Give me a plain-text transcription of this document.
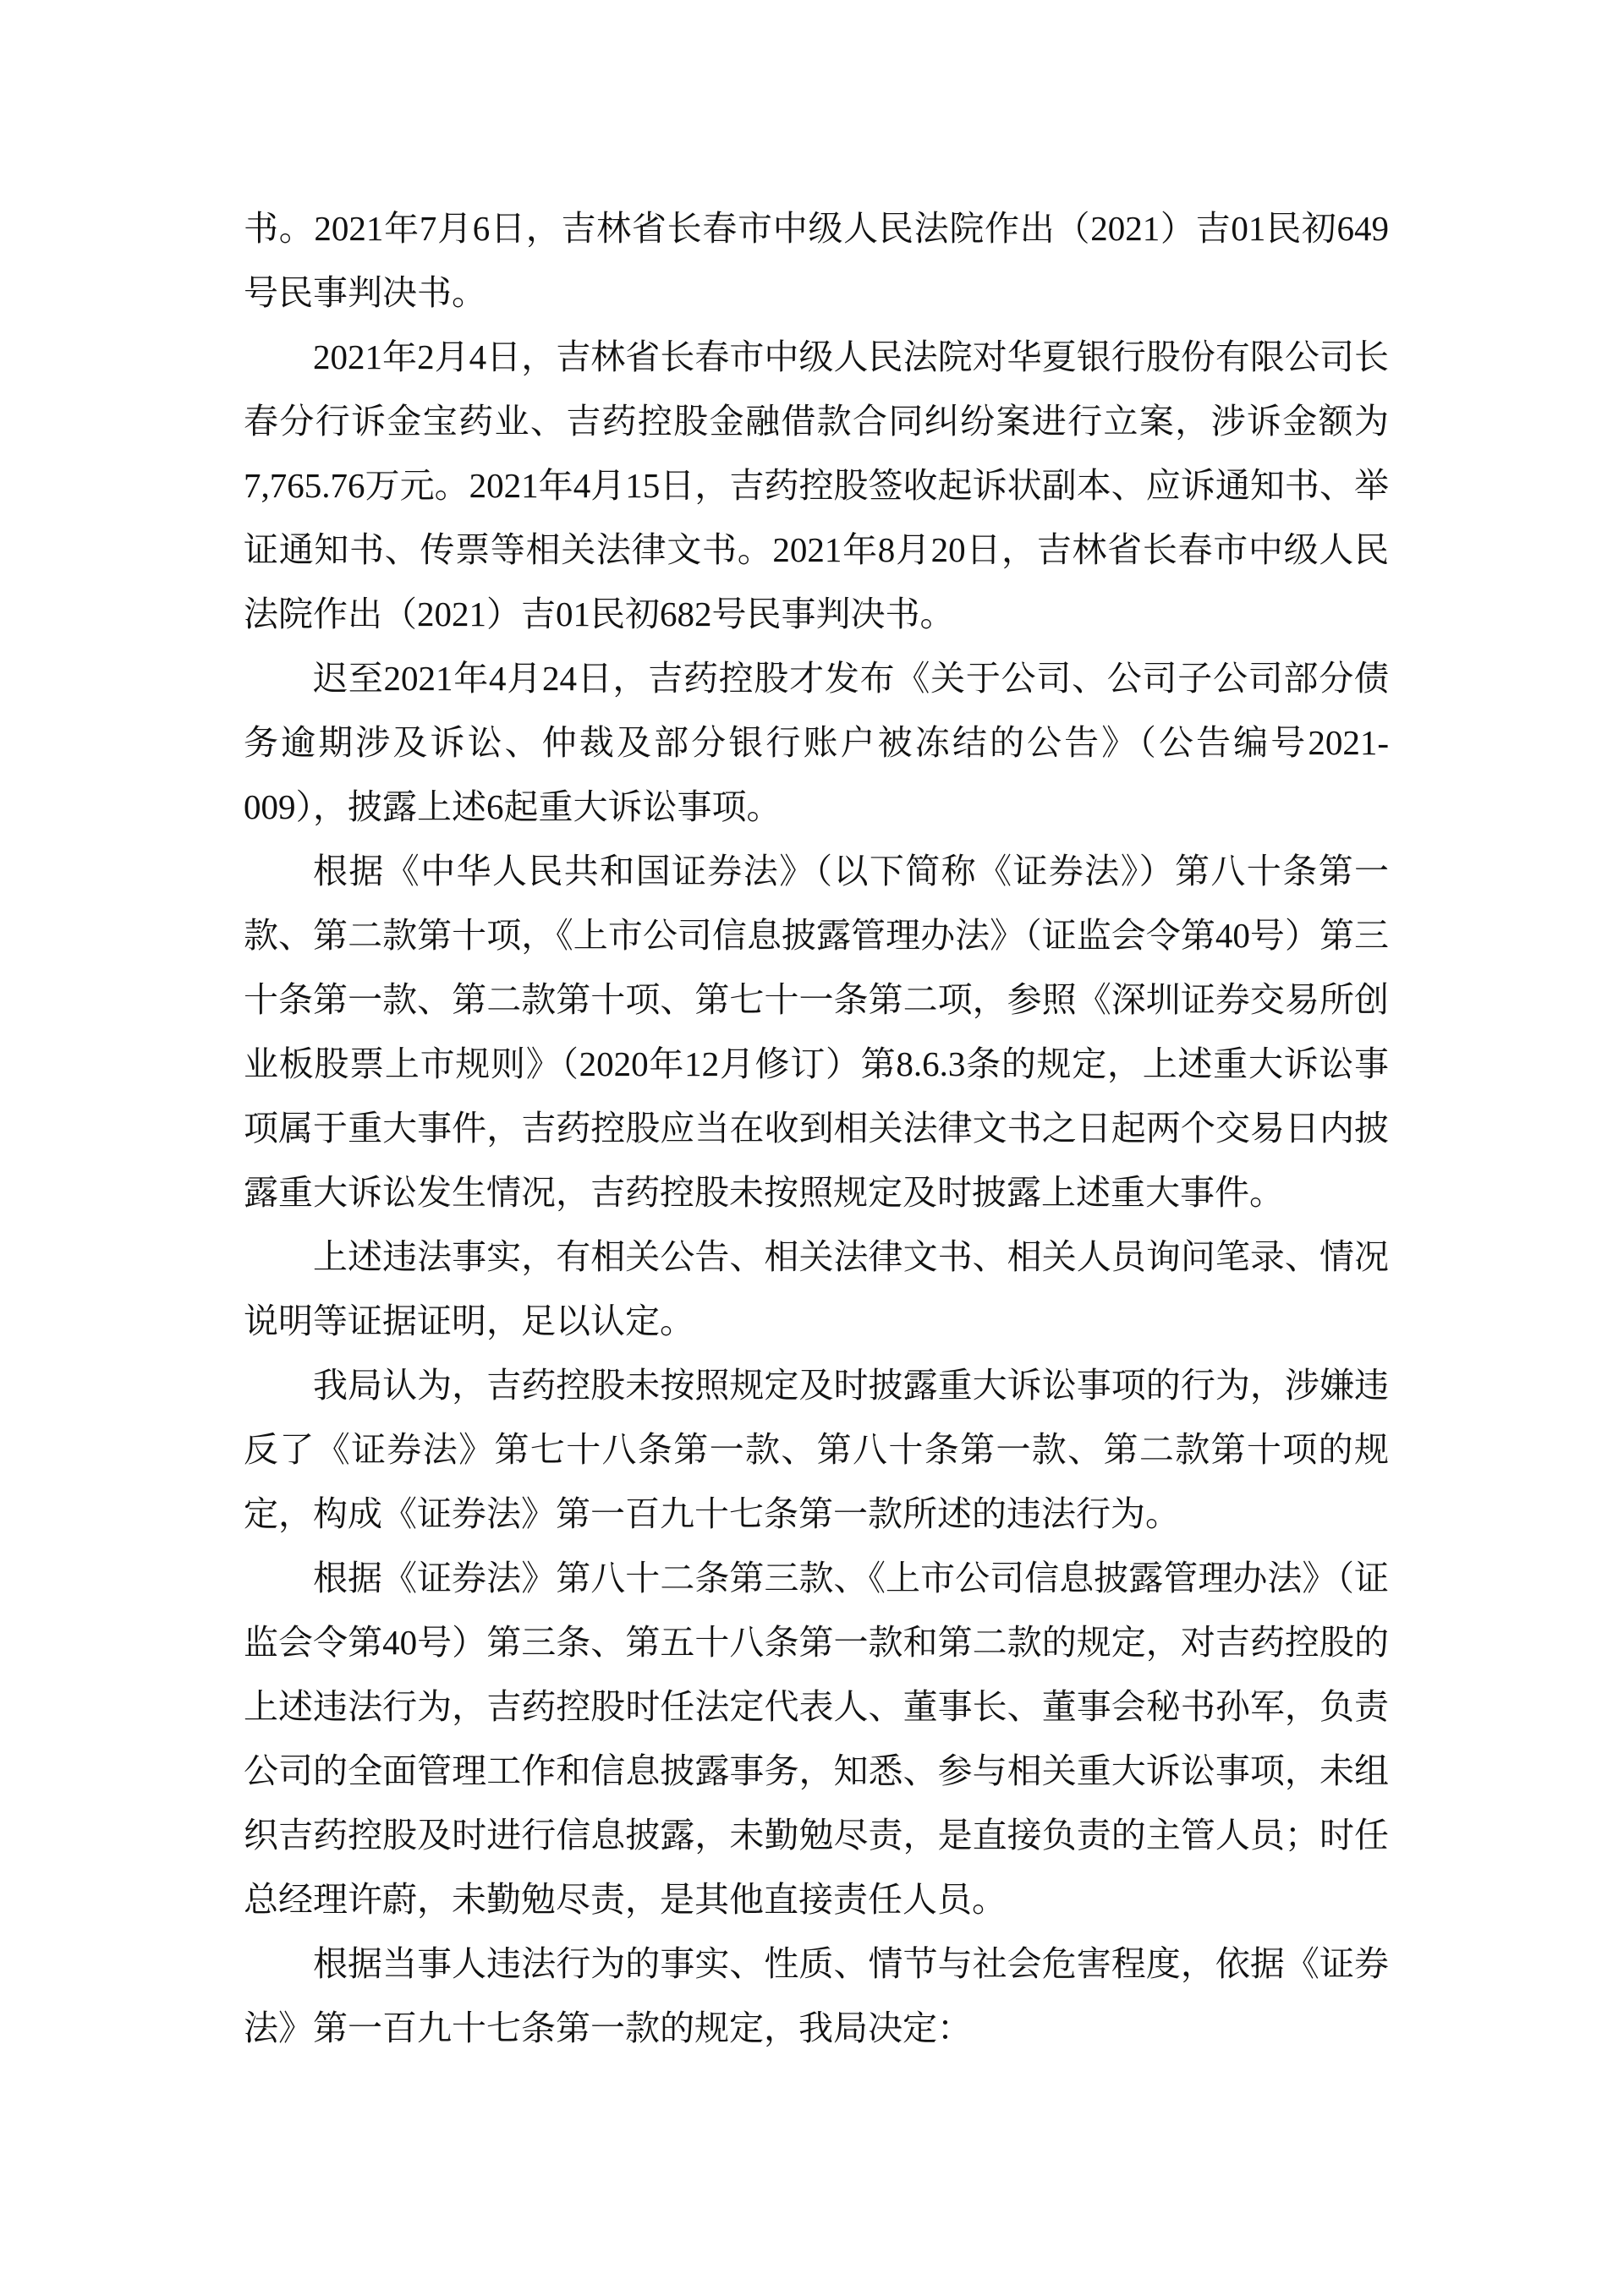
书。2021年7月6日，吉林省长春市中级人民法院作出（2021）吉01民初649号民事判决书。

2021年2月4日，吉林省长春市中级人民法院对华夏银行股份有限公司长春分行诉金宝药业、吉药控股金融借款合同纠纷案进行立案，涉诉金额为7,765.76万元。2021年4月15日，吉药控股签收起诉状副本、应诉通知书、举证通知书、传票等相关法律文书。2021年8月20日，吉林省长春市中级人民法院作出（2021）吉01民初682号民事判决书。

迟至2021年4月24日，吉药控股才发布《关于公司、公司子公司部分债务逾期涉及诉讼、仲裁及部分银行账户被冻结的公告》（公告编号2021-009），披露上述6起重大诉讼事项。

根据《中华人民共和国证券法》（以下简称《证券法》）第八十条第一款、第二款第十项，《上市公司信息披露管理办法》（证监会令第40号）第三十条第一款、第二款第十项、第七十一条第二项，参照《深圳证券交易所创业板股票上市规则》（2020年12月修订）第8.6.3条的规定，上述重大诉讼事项属于重大事件，吉药控股应当在收到相关法律文书之日起两个交易日内披露重大诉讼发生情况，吉药控股未按照规定及时披露上述重大事件。

上述违法事实，有相关公告、相关法律文书、相关人员询问笔录、情况说明等证据证明，足以认定。

我局认为，吉药控股未按照规定及时披露重大诉讼事项的行为，涉嫌违反了《证券法》第七十八条第一款、第八十条第一款、第二款第十项的规定，构成《证券法》第一百九十七条第一款所述的违法行为。

根据《证券法》第八十二条第三款、《上市公司信息披露管理办法》（证监会令第40号）第三条、第五十八条第一款和第二款的规定，对吉药控股的上述违法行为，吉药控股时任法定代表人、董事长、董事会秘书孙军，负责公司的全面管理工作和信息披露事务，知悉、参与相关重大诉讼事项，未组织吉药控股及时进行信息披露，未勤勉尽责，是直接负责的主管人员；时任总经理许蔚，未勤勉尽责，是其他直接责任人员。

根据当事人违法行为的事实、性质、情节与社会危害程度，依据《证券法》第一百九十七条第一款的规定，我局决定：
